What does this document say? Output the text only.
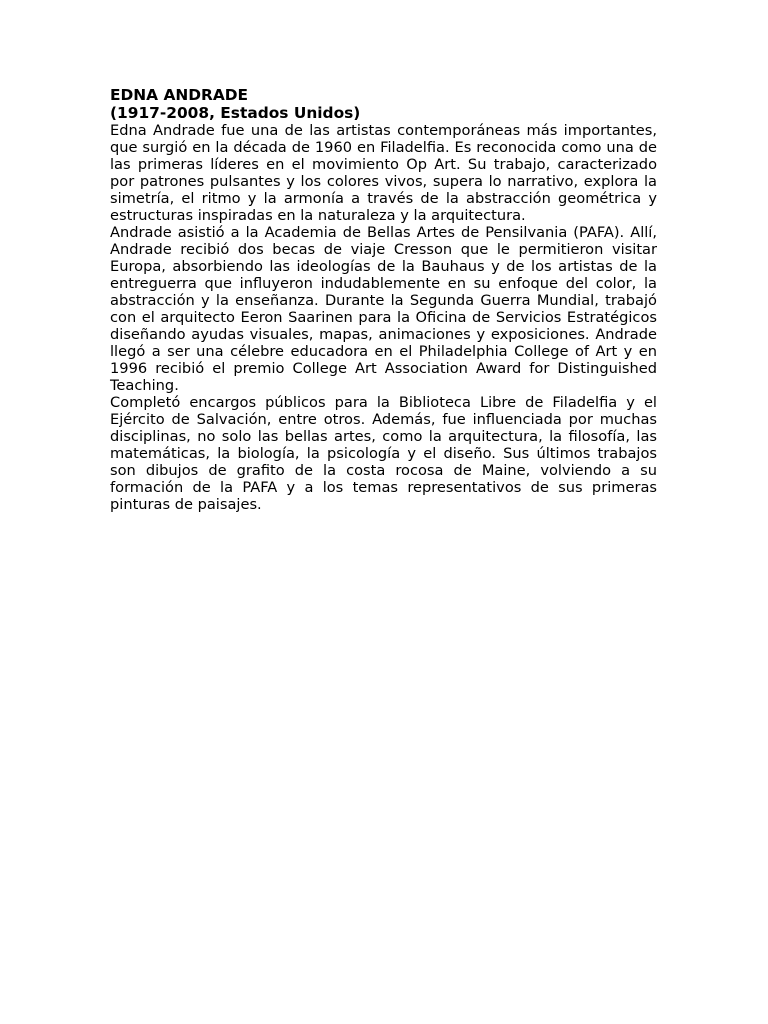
EDNA ANDRADE
(1917-2008, Estados Unidos)

Edna Andrade fue una de las artistas contemporáneas más importantes, que surgió en la década de 1960 en Filadelfia. Es reconocida como una de las primeras líderes en el movimiento Op Art. Su trabajo, caracterizado por patrones pulsantes y los colores vivos, supera lo narrativo, explora la simetría, el ritmo y la armonía a través de la abstracción geométrica y estructuras inspiradas en la naturaleza y la arquitectura.

Andrade asistió a la Academia de Bellas Artes de Pensilvania (PAFA). Allí, Andrade recibió dos becas de viaje Cresson que le permitieron visitar Europa, absorbiendo las ideologías de la Bauhaus y de los artistas de la entreguerra que influyeron indudablemente en su enfoque del color, la abstracción y la enseñanza. Durante la Segunda Guerra Mundial, trabajó con el arquitecto Eeron Saarinen para la Oficina de Servicios Estratégicos diseñando ayudas visuales, mapas, animaciones y exposiciones. Andrade llegó a ser una célebre educadora en el Philadelphia College of Art y en 1996 recibió el premio College Art Association Award for Distinguished Teaching.

Completó encargos públicos para la Biblioteca Libre de Filadelfia y el Ejército de Salvación, entre otros. Además, fue influenciada por muchas disciplinas, no solo las bellas artes, como la arquitectura, la filosofía, las matemáticas, la biología, la psicología y el diseño. Sus últimos trabajos son dibujos de grafito de la costa rocosa de Maine, volviendo a su formación de la PAFA y a los temas representativos de sus primeras pinturas de paisajes.
